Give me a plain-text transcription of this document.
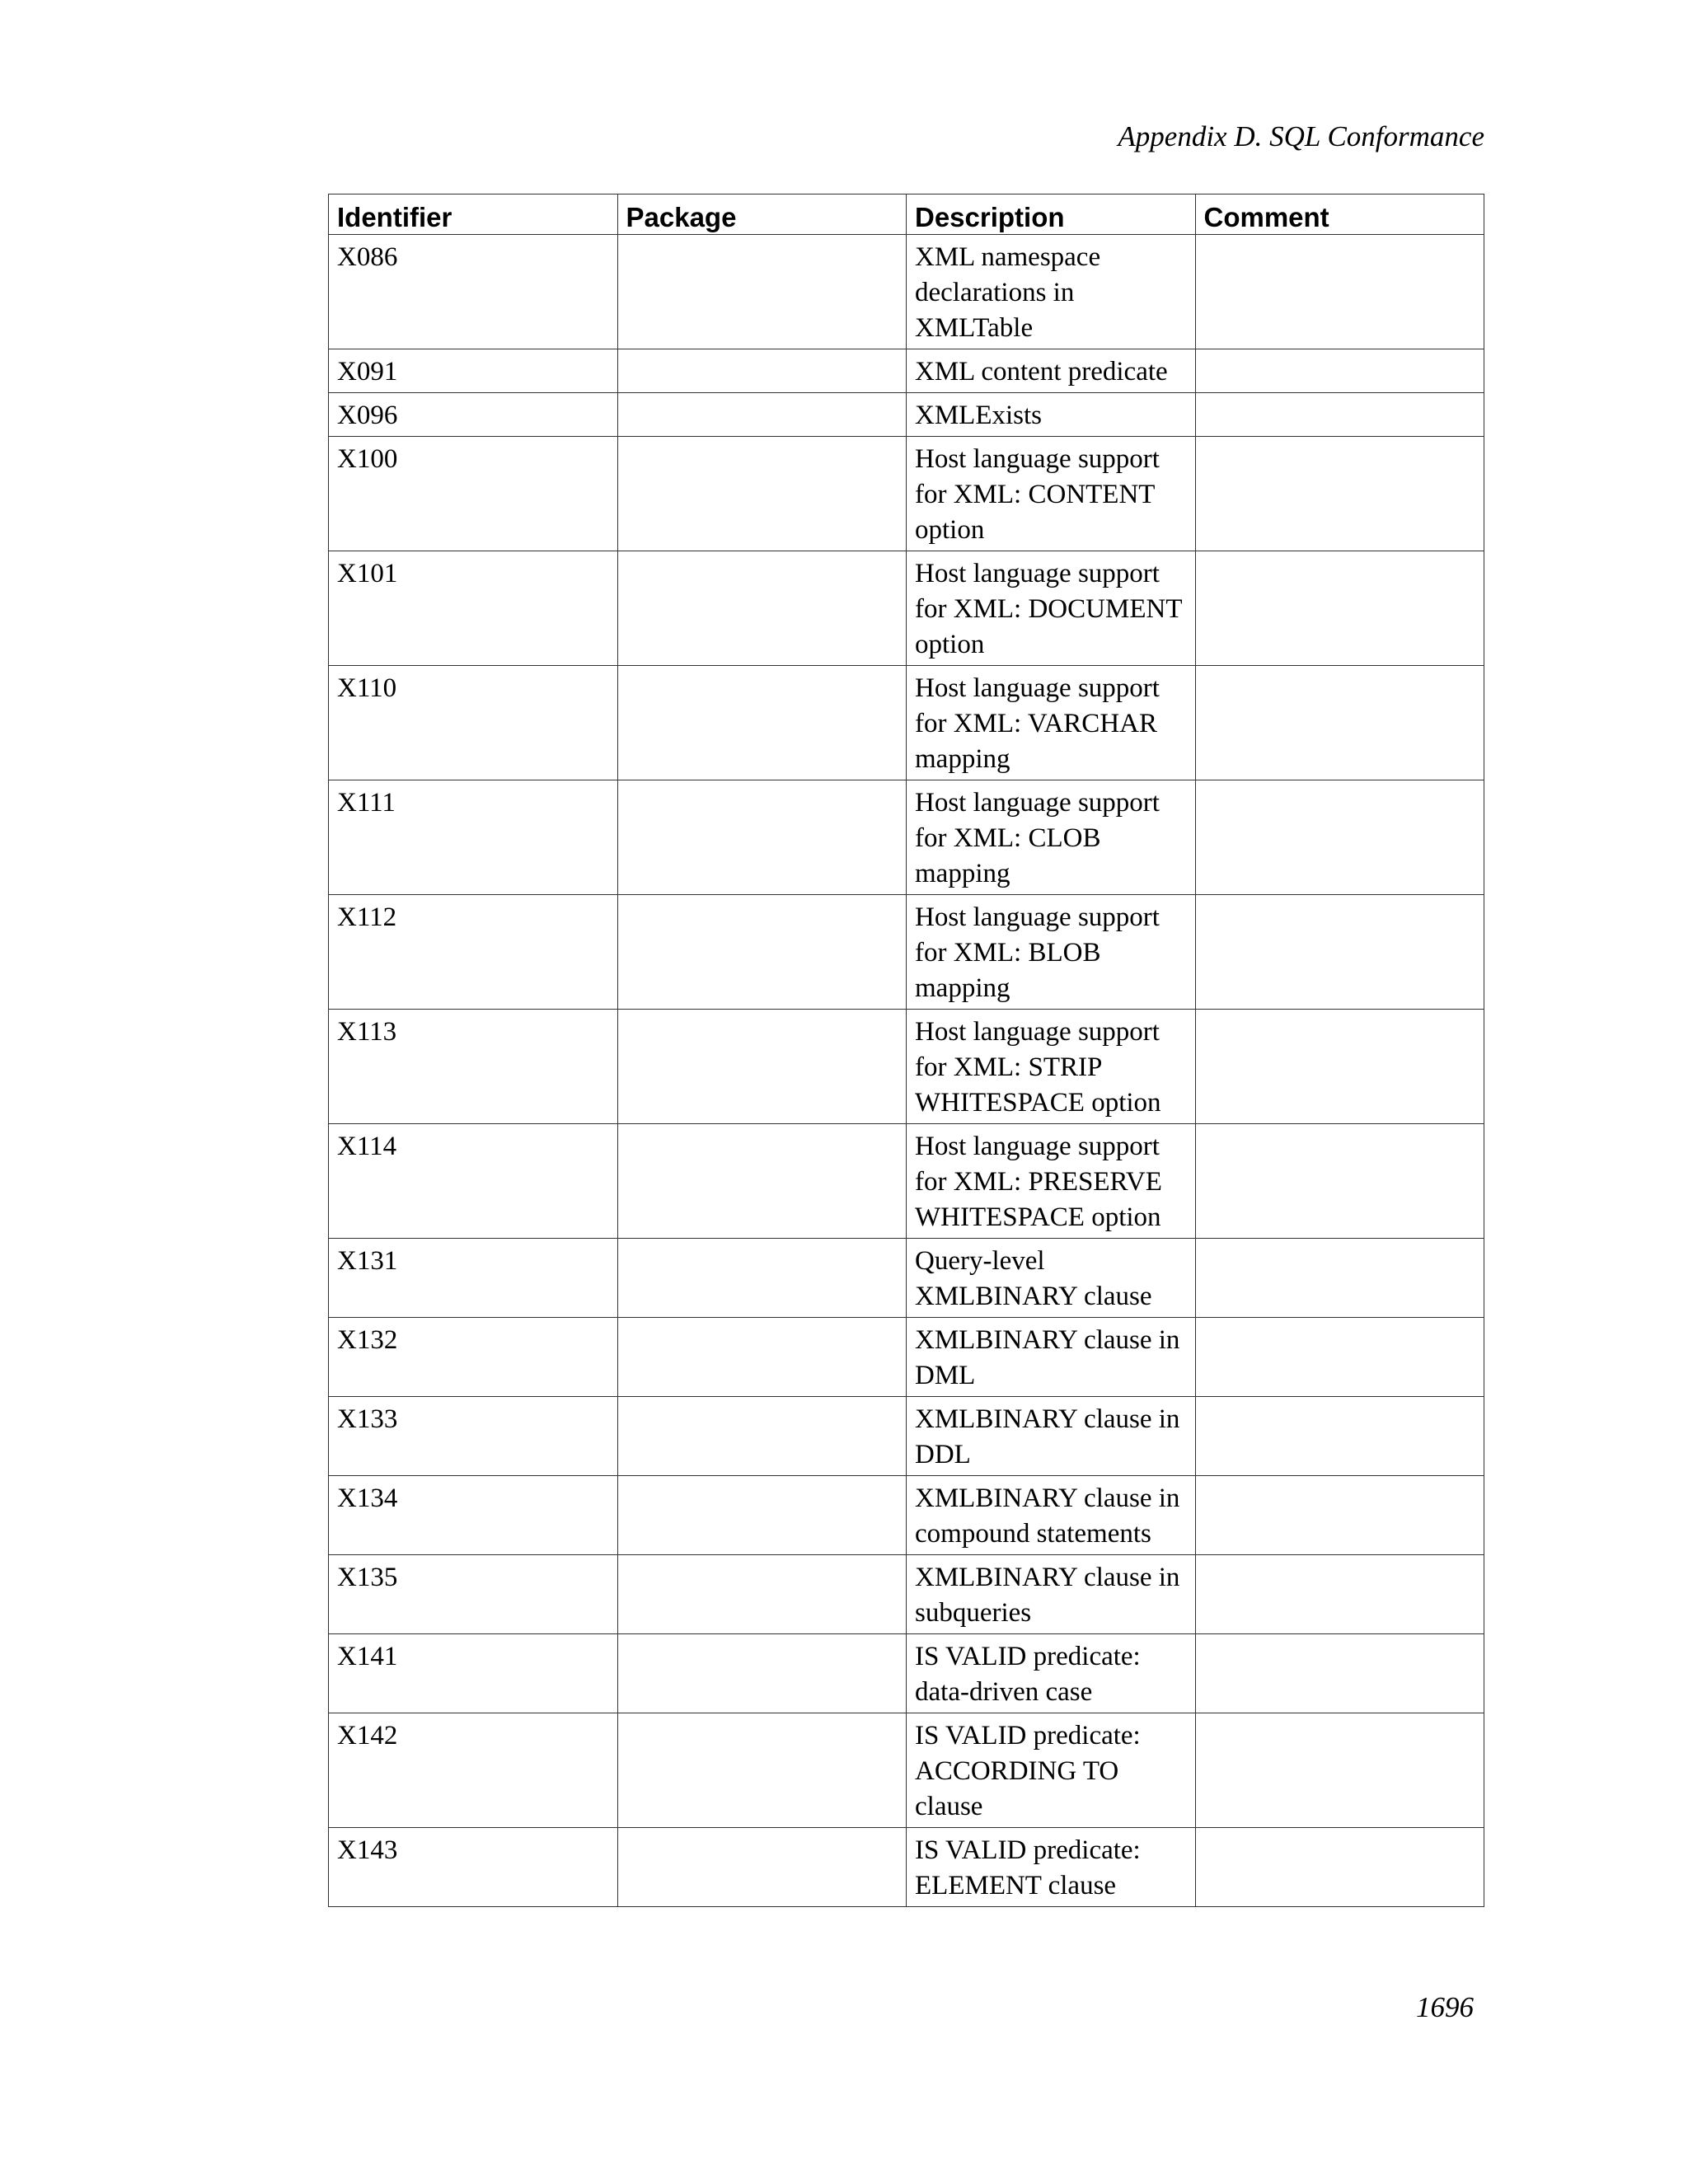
Appendix D. SQL Conformance
Identifier	Package	Description	Comment
X086		XML namespace declarations in XMLTable	
X091		XML content predicate	
X096		XMLExists	
X100		Host language support for XML: CONTENT option	
X101		Host language support for XML: DOCUMENT option	
X110		Host language support for XML: VARCHAR mapping	
X111		Host language support for XML: CLOB mapping	
X112		Host language support for XML: BLOB mapping	
X113		Host language support for XML: STRIP WHITESPACE option	
X114		Host language support for XML: PRESERVE WHITESPACE option	
X131		Query-level XMLBINARY clause	
X132		XMLBINARY clause in DML	
X133		XMLBINARY clause in DDL	
X134		XMLBINARY clause in compound statements	
X135		XMLBINARY clause in subqueries	
X141		IS VALID predicate: data-driven case	
X142		IS VALID predicate: ACCORDING TO clause	
X143		IS VALID predicate: ELEMENT clause	
1696
